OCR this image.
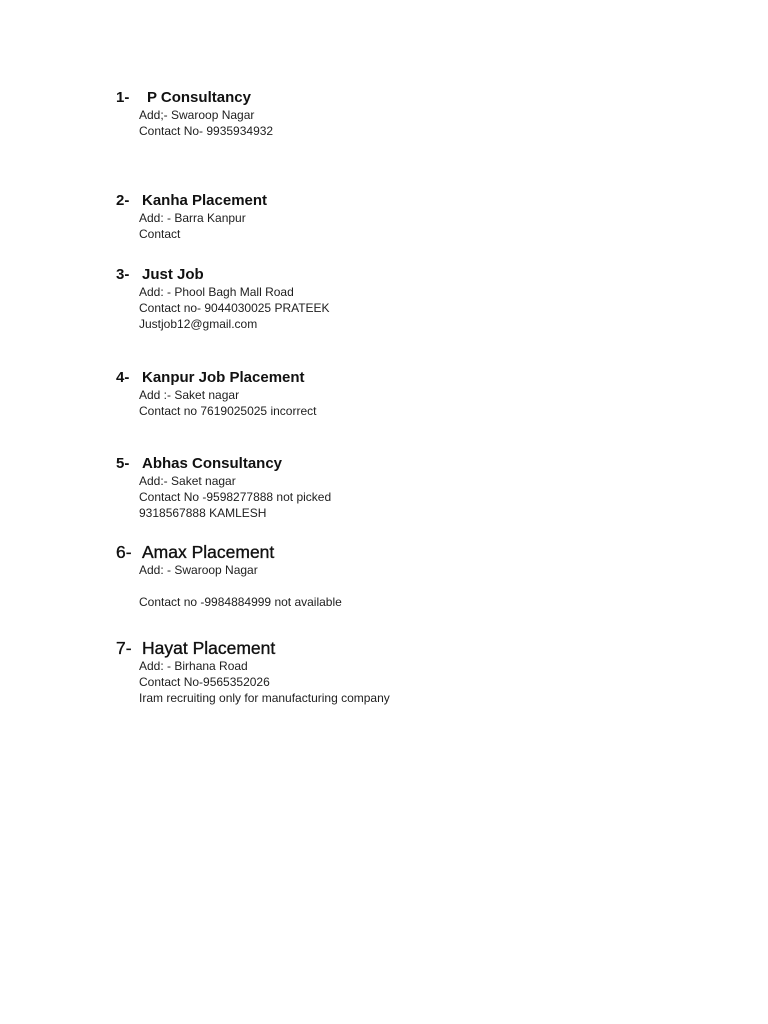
1-	P Consultancy
Add;- Swaroop Nagar
Contact No- 9935934932
2- Kanha Placement
Add: - Barra Kanpur
Contact
3- Just Job
Add: - Phool Bagh Mall Road
Contact no- 9044030025 PRATEEK
Justjob12@gmail.com
4- Kanpur Job Placement
Add :- Saket nagar
Contact no 7619025025 incorrect
5- Abhas Consultancy
Add:- Saket nagar
Contact No -9598277888 not picked
9318567888 KAMLESH
6- Amax Placement
Add: - Swaroop Nagar
Contact no -9984884999 not available
7- Hayat Placement
Add: - Birhana Road
Contact No-9565352026
Iram recruiting only for manufacturing company
